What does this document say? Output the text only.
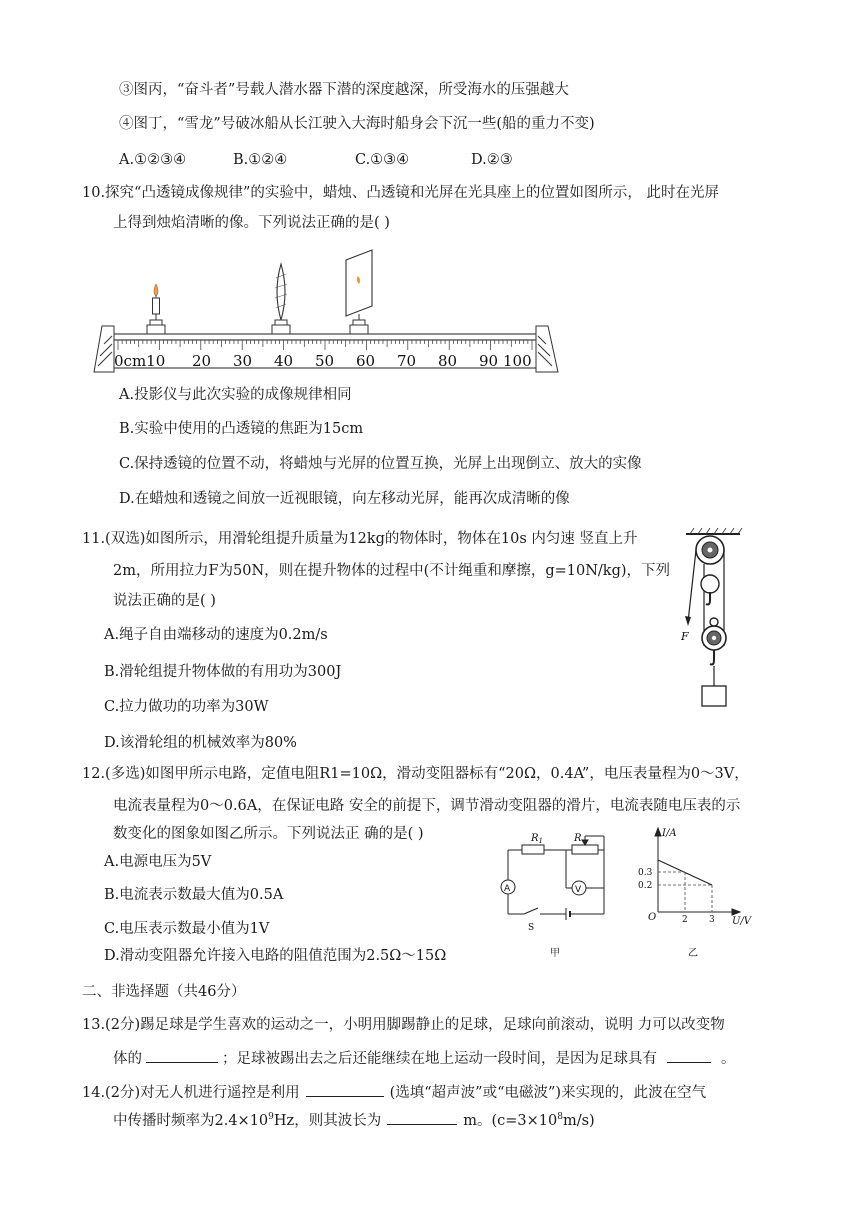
③图丙，“奋斗者”号载人潜水器下潜的深度越深，所受海水的压强越大
④图丁，“雪龙”号破冰船从长江驶入大海时船身会下沉一些(船的重力不变)
A.①②③④	B.①②④	C.①③④	D.②③
10.探究“凸透镜成像规律”的实验中，蜡烛、凸透镜和光屏在光具座上的位置如图所示， 此时在光屏
上得到烛焰清晰的像。下列说法正确的是( )
0cm10 20 30 40 50 60 70 80 90 100
A.投影仪与此次实验的成像规律相同
B.实验中使用的凸透镜的焦距为15cm
C.保持透镜的位置不动，将蜡烛与光屏的位置互换，光屏上出现倒立、放大的实像
D.在蜡烛和透镜之间放一近视眼镜，向左移动光屏，能再次成清晰的像
11.(双选)如图所示，用滑轮组提升质量为12kg的物体时，物体在10s 内匀速 竖直上升
2m，所用拉力F为50N，则在提升物体的过程中(不计绳重和摩擦，g=10N/kg)，下列
说法正确的是( )
A.绳子自由端移动的速度为0.2m/s
B.滑轮组提升物体做的有用功为300J
C.拉力做功的功率为30W
D.该滑轮组的机械效率为80%
F
12.(多选)如图甲所示电路，定值电阻R1=10Ω，滑动变阻器标有“20Ω，0.4A”，电压表量程为0～3V，
电流表量程为0～0.6A，在保证电路 安全的前提下，调节滑动变阻器的滑片，电流表随电压表的示
数变化的图象如图乙所示。下列说法正 确的是( )
A.电源电压为5V
B.电流表示数最大值为0.5A
C.电压表示数最小值为1V
D.滑动变阻器允许接入电路的阻值范围为2.5Ω～15Ω
$R_1$	R
A	V
S
甲
I/A
U/V
O
0.3
0.2
2 3
乙
二、非选择题（共46分）
13.(2分)踢足球是学生喜欢的运动之一，小明用脚踢静止的足球，足球向前滚动，说明 力可以改变物
体的	；足球被踢出去之后还能继续在地上运动一段时间，是因为足球具有	。
14.(2分)对无人机进行遥控是利用	(选填“超声波”或“电磁波”)来实现的，此波在空气
中传播时频率为$2.4\times 10^9Hz$，则其波长为	m。$(c=3\times 10^8m/s)$
